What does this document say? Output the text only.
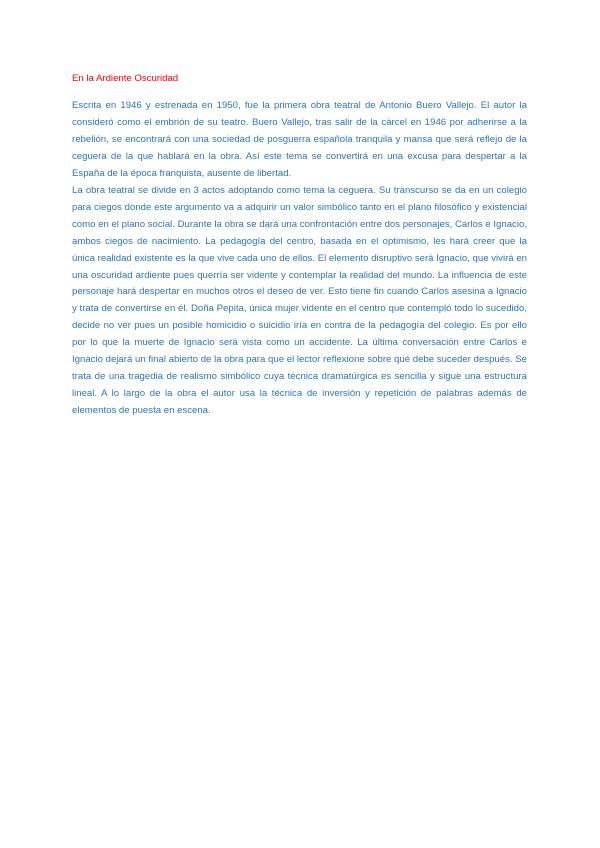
En la Ardiente Oscuridad

Escrita en 1946 y estrenada en 1950, fue la primera obra teatral de Antonio Buero Vallejo. El autor la consideró como el embrión de su teatro. Buero Vallejo, tras salir de la cárcel en 1946 por adherirse a la rebelión, se encontrará con una sociedad de posguerra española tranquila y mansa que será reflejo de la ceguera de la que hablará en la obra. Así este tema se convertirá en una excusa para despertar a la España de la época franquista, ausente de libertad.

La obra teatral se divide en 3 actos adoptando como tema la ceguera. Su transcurso se da en un colegio para ciegos donde este argumento va a adquirir un valor simbólico tanto en el plano filosófico y existencial como en el plano social. Durante la obra se dará una confrontación entre dos personajes, Carlos e Ignacio, ambos ciegos de nacimiento. La pedagogía del centro, basada en el optimismo, les hará creer que la única realidad existente es la que vive cada uno de ellos. El elemento disruptivo será Ignacio, que vivirá en una oscuridad ardiente pues querría ser vidente y contemplar la realidad del mundo. La influencia de este personaje hará despertar en muchos otros el deseo de ver. Esto tiene fin cuando Carlos asesina a Ignacio y trata de convertirse en él. Doña Pepita, única mujer vidente en el centro que contempló todo lo sucedido, decide no ver pues un posible homicidio o suicidio iría en contra de la pedagogía del colegio. Es por ello por lo que la muerte de Ignacio será vista como un accidente. La última conversación entre Carlos e Ignacio dejará un final abierto de la obra para que el lector reflexione sobre qué debe suceder después. Se trata de una tragedia de realismo simbólico cuya técnica dramatúrgica es sencilla y sigue una estructura lineal. A lo largo de la obra el autor usa la técnica de inversión y repetición de palabras además de elementos de puesta en escena.
